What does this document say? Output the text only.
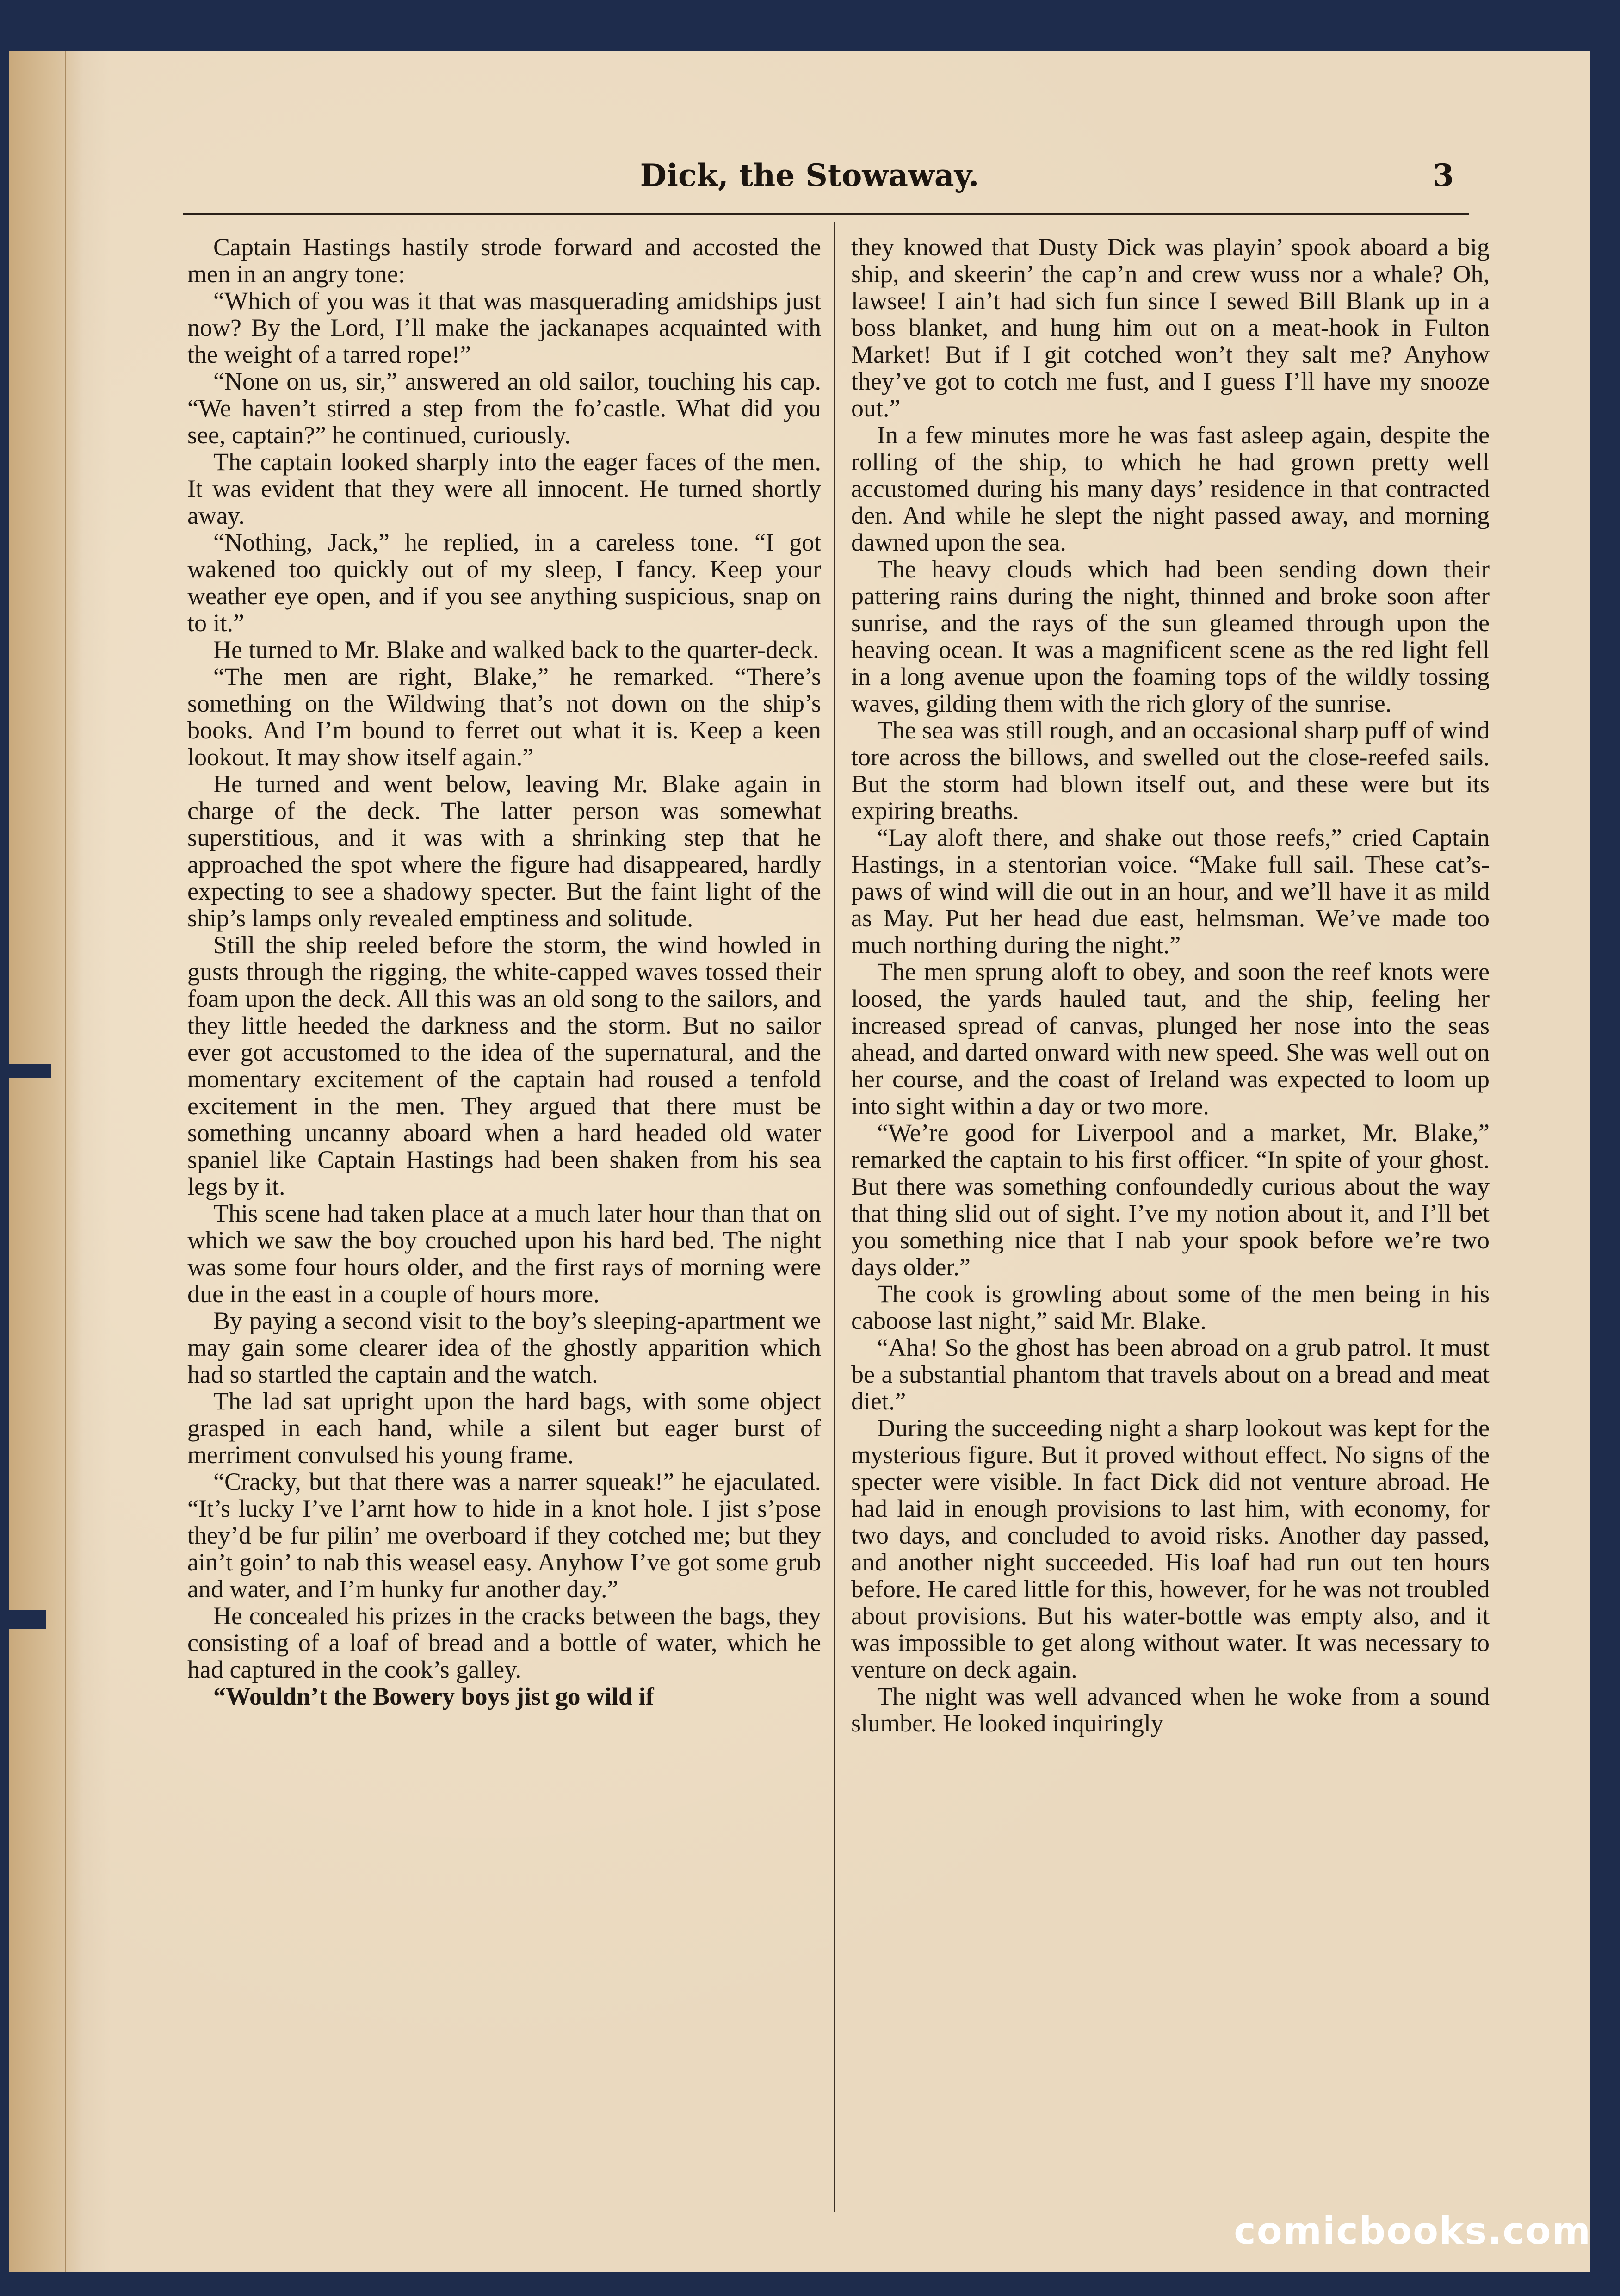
Dick, the Stowaway.	3

Captain Hastings hastily strode forward and accosted the men in an angry tone:

“Which of you was it that was masquerading amidships just now? By the Lord, I’ll make the jackanapes acquainted with the weight of a tarred rope!”

“None on us, sir,” answered an old sailor, touching his cap. “We haven’t stirred a step from the fo’castle. What did you see, captain?” he continued, curiously.

The captain looked sharply into the eager faces of the men. It was evident that they were all innocent. He turned shortly away.

“Nothing, Jack,” he replied, in a careless tone. “I got wakened too quickly out of my sleep, I fancy. Keep your weather eye open, and if you see anything suspicious, snap on to it.”

He turned to Mr. Blake and walked back to the quarter-deck.

“The men are right, Blake,” he remarked. “There’s something on the Wildwing that’s not down on the ship’s books. And I’m bound to ferret out what it is. Keep a keen lookout. It may show itself again.”

He turned and went below, leaving Mr. Blake again in charge of the deck. The latter person was somewhat superstitious, and it was with a shrinking step that he approached the spot where the figure had disappeared, hardly expecting to see a shadowy specter. But the faint light of the ship’s lamps only revealed emptiness and solitude.

Still the ship reeled before the storm, the wind howled in gusts through the rigging, the white-capped waves tossed their foam upon the deck. All this was an old song to the sailors, and they little heeded the darkness and the storm. But no sailor ever got accustomed to the idea of the supernatural, and the momentary excitement of the captain had roused a tenfold excitement in the men. They argued that there must be something uncanny aboard when a hard headed old water spaniel like Captain Hastings had been shaken from his sea legs by it.

This scene had taken place at a much later hour than that on which we saw the boy crouched upon his hard bed. The night was some four hours older, and the first rays of morning were due in the east in a couple of hours more.

By paying a second visit to the boy’s sleeping-apartment we may gain some clearer idea of the ghostly apparition which had so startled the captain and the watch.

The lad sat upright upon the hard bags, with some object grasped in each hand, while a silent but eager burst of merriment convulsed his young frame.

“Cracky, but that there was a narrer squeak!” he ejaculated. “It’s lucky I’ve l’arnt how to hide in a knot hole. I jist s’pose they’d be fur pilin’ me overboard if they cotched me; but they ain’t goin’ to nab this weasel easy. Anyhow I’ve got some grub and water, and I’m hunky fur another day.”

He concealed his prizes in the cracks between the bags, they consisting of a loaf of bread and a bottle of water, which he had captured in the cook’s galley.

“Wouldn’t the Bowery boys jist go wild if

they knowed that Dusty Dick was playin’ spook aboard a big ship, and skeerin’ the cap’n and crew wuss nor a whale? Oh, lawsee! I ain’t had sich fun since I sewed Bill Blank up in a boss blanket, and hung him out on a meat-hook in Fulton Market! But if I git cotched won’t they salt me? Anyhow they’ve got to cotch me fust, and I guess I’ll have my snooze out.”

In a few minutes more he was fast asleep again, despite the rolling of the ship, to which he had grown pretty well accustomed during his many days’ residence in that contracted den. And while he slept the night passed away, and morning dawned upon the sea.

The heavy clouds which had been sending down their pattering rains during the night, thinned and broke soon after sunrise, and the rays of the sun gleamed through upon the heaving ocean. It was a magnificent scene as the red light fell in a long avenue upon the foaming tops of the wildly tossing waves, gilding them with the rich glory of the sunrise.

The sea was still rough, and an occasional sharp puff of wind tore across the billows, and swelled out the close-reefed sails. But the storm had blown itself out, and these were but its expiring breaths.

“Lay aloft there, and shake out those reefs,” cried Captain Hastings, in a stentorian voice. “Make full sail. These cat’s-paws of wind will die out in an hour, and we’ll have it as mild as May. Put her head due east, helmsman. We’ve made too much northing during the night.”

The men sprung aloft to obey, and soon the reef knots were loosed, the yards hauled taut, and the ship, feeling her increased spread of canvas, plunged her nose into the seas ahead, and darted onward with new speed. She was well out on her course, and the coast of Ireland was expected to loom up into sight within a day or two more.

“We’re good for Liverpool and a market, Mr. Blake,” remarked the captain to his first officer. “In spite of your ghost. But there was something confoundedly curious about the way that thing slid out of sight. I’ve my notion about it, and I’ll bet you something nice that I nab your spook before we’re two days older.”

The cook is growling about some of the men being in his caboose last night,” said Mr. Blake.

“Aha! So the ghost has been abroad on a grub patrol. It must be a substantial phantom that travels about on a bread and meat diet.”

During the succeeding night a sharp lookout was kept for the mysterious figure. But it proved without effect. No signs of the specter were visible. In fact Dick did not venture abroad. He had laid in enough provisions to last him, with economy, for two days, and concluded to avoid risks. Another day passed, and another night succeeded. His loaf had run out ten hours before. He cared little for this, however, for he was not troubled about provisions. But his water-bottle was empty also, and it was impossible to get along without water. It was necessary to venture on deck again.

The night was well advanced when he woke from a sound slumber. He looked inquiringly

comicbooks.com
